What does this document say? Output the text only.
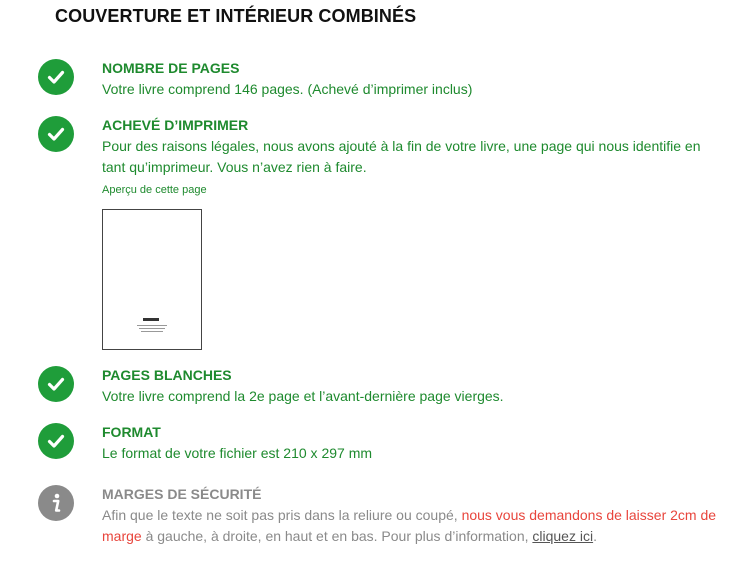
COUVERTURE ET INTÉRIEUR COMBINÉS
NOMBRE DE PAGES
Votre livre comprend 146 pages. (Achevé d’imprimer inclus)
ACHEVÉ D’IMPRIMER
Pour des raisons légales, nous avons ajouté à la fin de votre livre, une page qui nous identifie en tant qu’imprimeur. Vous n’avez rien à faire.
Aperçu de cette page
PAGES BLANCHES
Votre livre comprend la 2e page et l’avant-dernière page vierges.
FORMAT
Le format de votre fichier est 210 x 297 mm
MARGES DE SÉCURITÉ
Afin que le texte ne soit pas pris dans la reliure ou coupé, nous vous demandons de laisser 2cm de marge à gauche, à droite, en haut et en bas. Pour plus d’information, cliquez ici.
